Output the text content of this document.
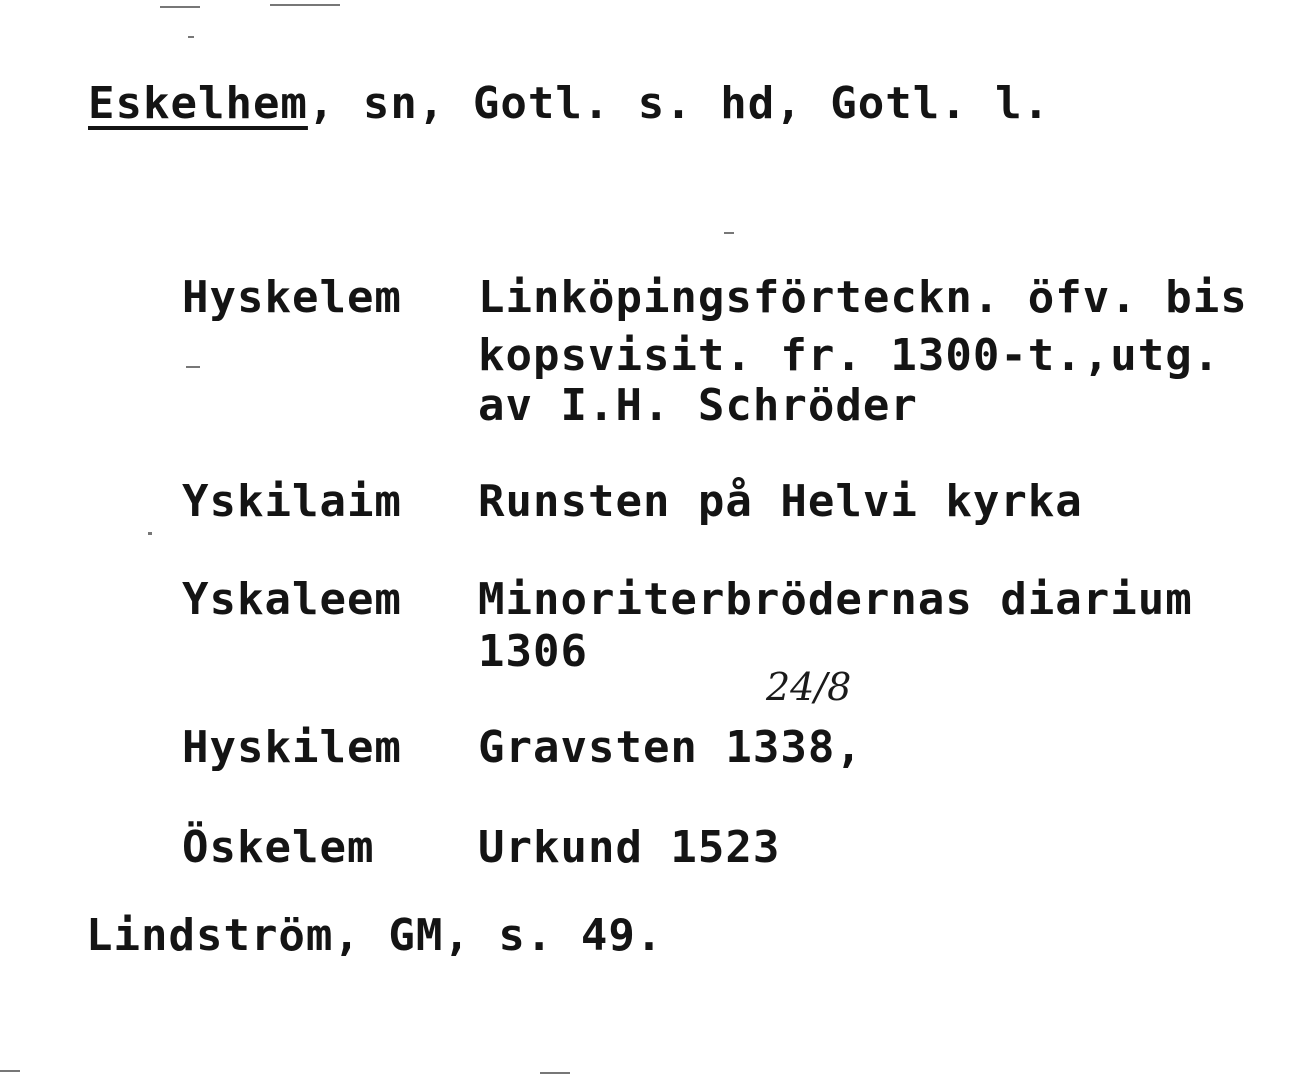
Eskelhem, sn, Gotl. s. hd, Gotl. l.
Hyskelem Linköpingsförteckn. öfv. bis
kopsvisit. fr. 1300-t.,utg.
av I.H. Schröder
Yskilaim Runsten på Helvi kyrka
Yskaleem Minoriterbrödernas diarium
1306
24/8
Hyskilem Gravsten 1338,
Öskelem Urkund 1523
Lindström, GM, s. 49.
